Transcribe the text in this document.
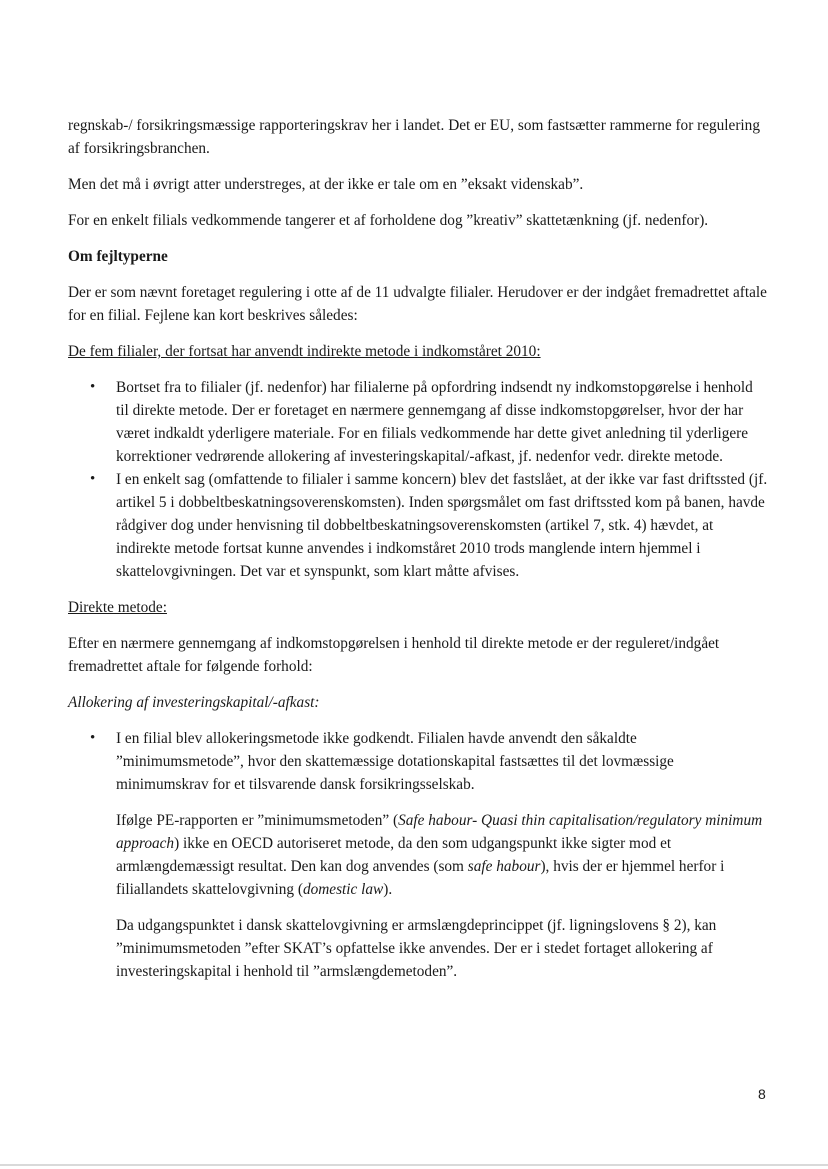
regnskab-/ forsikringsmæssige rapporteringskrav her i landet. Det er EU, som fastsætter rammerne for regulering af forsikringsbranchen.

Men det må i øvrigt atter understreges, at der ikke er tale om en ”eksakt videnskab”.

For en enkelt filials vedkommende tangerer et af forholdene dog ”kreativ” skattetænkning (jf. nedenfor).

Om fejltyperne

Der er som nævnt foretaget regulering i otte af de 11 udvalgte filialer. Herudover er der indgået fremadrettet aftale for en filial. Fejlene kan kort beskrives således:

De fem filialer, der fortsat har anvendt indirekte metode i indkomståret 2010:

• Bortset fra to filialer (jf. nedenfor) har filialerne på opfordring indsendt ny indkomstopgørelse i henhold til direkte metode. Der er foretaget en nærmere gennemgang af disse indkomstopgørelser, hvor der har været indkaldt yderligere materiale. For en filials vedkommende har dette givet anledning til yderligere korrektioner vedrørende allokering af investeringskapital/-afkast, jf. nedenfor vedr. direkte metode.
• I en enkelt sag (omfattende to filialer i samme koncern) blev det fastslået, at der ikke var fast driftssted (jf. artikel 5 i dobbeltbeskatningsoverenskomsten). Inden spørgsmålet om fast driftssted kom på banen, havde rådgiver dog under henvisning til dobbeltbeskatningsoverenskomsten (artikel 7, stk. 4) hævdet, at indirekte metode fortsat kunne anvendes i indkomståret 2010 trods manglende intern hjemmel i skattelovgivningen. Det var et synspunkt, som klart måtte afvises.

Direkte metode:

Efter en nærmere gennemgang af indkomstopgørelsen i henhold til direkte metode er der reguleret/indgået fremadrettet aftale for følgende forhold:

Allokering af investeringskapital/-afkast:

• I en filial blev allokeringsmetode ikke godkendt. Filialen havde anvendt den såkaldte ”minimumsmetode”, hvor den skattemæssige dotationskapital fastsættes til det lovmæssige minimumskrav for et tilsvarende dansk forsikringsselskab.

Ifølge PE-rapporten er ”minimumsmetoden” (Safe habour- Quasi thin capitalisation/regulatory minimum approach) ikke en OECD autoriseret metode, da den som udgangspunkt ikke sigter mod et armlængdemæssigt resultat. Den kan dog anvendes (som safe habour), hvis der er hjemmel herfor i filiallandets skattelovgivning (domestic law).

Da udgangspunktet i dansk skattelovgivning er armslængdeprincippet (jf. ligningslovens § 2), kan ”minimumsmetoden ”efter SKAT’s opfattelse ikke anvendes. Der er i stedet fortaget allokering af investeringskapital i henhold til ”armslængdemetoden”.

8
